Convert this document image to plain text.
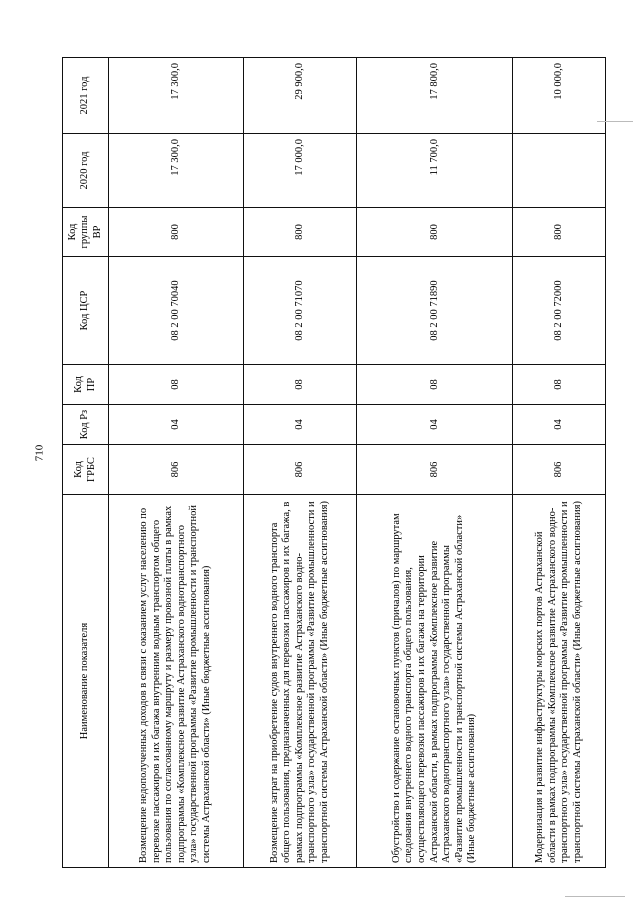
710
Наименование показателя	Код ГРБС	Код Рз	Код ПР	Код ЦСР	Код группы ВР	2020 год	2021 год
Возмещение недополученных доходов в связи с оказанием услуг населению по перевозке пассажиров и их багажа внутренним водным транспортом общего пользования по согласованному маршруту и размеру провозной платы в рамках подпрограммы «Комплексное развитие Астраханского воднотранспортного узла» государственной программы «Развитие промышленности и транспортной системы Астраханской области» (Иные бюджетные ассигнования)	806	04	08	08 2 00 70040	800	17 300,0	17 300,0
Возмещение затрат на приобретение судов внутреннего водного транспорта общего пользования, предназначенных для перевозки пассажиров и их багажа, в рамках подпрограммы «Комплексное развитие Астраханского воднотранспортного узла» государственной программы «Развитие промышленности и транспортной системы Астраханской области» (Иные бюджетные ассигнования)	806	04	08	08 2 00 71070	800	17 000,0	29 900,0
Обустройство и содержание остановочных пунктов (причалов) по маршрутам следования внутреннего водного транспорта общего пользования, осуществляющего перевозки пассажиров и их багажа на территории Астраханской области, в рамках подпрограммы «Комплексное развитие Астраханского воднотранспортного узла» государственной программы «Развитие промышленности и транспортной системы Астраханской области» (Иные бюджетные ассигнования)	806	04	08	08 2 00 71890	800	11 700,0	17 800,0
Модернизация и развитие инфраструктуры морских портов Астраханской области в рамках подпрограммы «Комплексное развитие Астраханского воднотранспортного узла» государственной программы «Развитие промышленности и транспортной системы Астраханской области» (Иные бюджетные ассигнования)	806	04	08	08 2 00 72000	800		10 000,0
